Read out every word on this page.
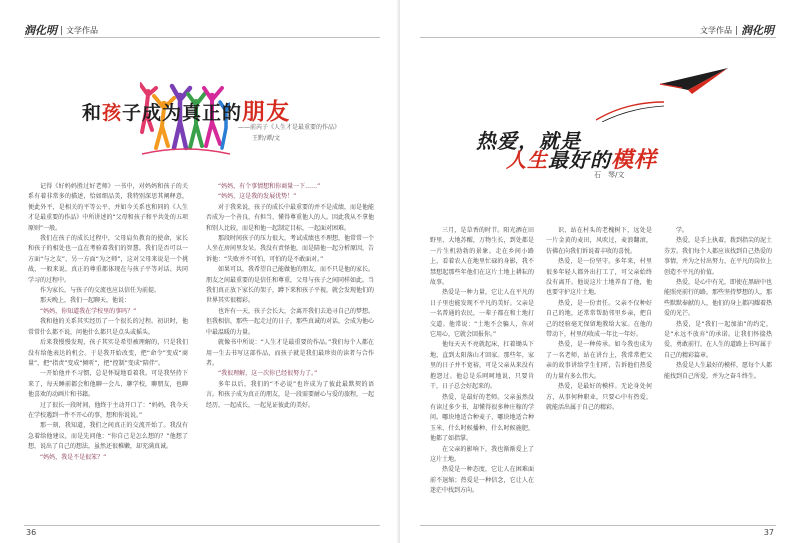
润化明 文学作品
和孩子成为真正的朋友
——前芮子《人生才是最重要的作品》
王黔/谭/文

记得《好妈妈胜过好老师》一书中，对妈妈和孩子的关系有着非常多的描述，恰如细品美，我特别深思其阐释意，便此外平，是相关的平等公平，并如今关系也和同的《人生才是最重要的作品》中所讲述的“父母和孩子和平共处的五项原则”一般。

我们在孩子的成长过程中，父母肩负教育的使命，家长和孩子的相处也一直在考验着我们的智慧。我们是否可以一方面“与之友”，另一方面“为之师”，这对父母来说是一个挑战，一般来说，真正的尊重都体现在与孩子平等对话、共同学习的过程中。

作为家长，与孩子的交流也应以信任为前提。

那天晚上，我们一起聊天，他说：

“妈妈，你知道我在学校里的事吗？”

我和他的关系其实经历了一个很长的过程。初识时，他常常什么都不说，问他什么都只是点头或摇头。

后来我慢慢发现，孩子其实是希望被理解的，只是我们没有给他表达的机会。于是我开始改变，把“命令”变成“商量”，把“指责”变成“倾听”，把“控制”变成“陪伴”。

一开始他并不习惯，总是怀疑地看着我。可是我坚持下来了，每天睡前都会和他聊一会儿，聊学校，聊朋友，也聊他喜欢的动画片和书籍。

过了很长一段时间，他终于主动开口了：“妈妈，我今天在学校遇到一件不开心的事，想和你说说。”

那一刻，我知道，我们之间真正的交流开始了。我没有急着给他建议，而是先问他：“你自己是怎么想的？”他想了想，说出了自己的想法，虽然还很稚嫩，却充满真诚。

“妈妈，我是不是很笨？”

“妈妈，有个事情想和你商量一下……”

“妈妈，这是我的发展优势！”

对于我来说，孩子的成长中最重要的并不是成绩，而是他能否成为一个善良、有担当、懂得尊重他人的人。因此我从不拿他和别人比较，而是和他一起制定目标，一起面对困难。

那段时间孩子的压力很大，考试成绩也不理想，他常常一个人坐在房间里发呆。我没有责怪他，而是陪他一起分析原因，告诉他：“失败并不可怕，可怕的是不敢面对。”

如果可以，我希望自己能做他的朋友，而不只是他的家长。朋友之间最重要的是信任和尊重，父母与孩子之间同样如此。当我们真正放下家长的架子，蹲下来和孩子平视，就会发现他们的世界其实很精彩。

也许有一天，孩子会长大，会离开我们去追寻自己的梦想。但我相信，那些一起走过的日子，那些真诚的对话，会成为他心中最温暖的力量。

就像书中所说：“人生才是最重要的作品。”我们每个人都在用一生去书写这部作品，而孩子就是我们最珍贵的读者与合作者。

“我很理解，这一次你已经很努力了。”

多年以后，我们的“不必说”也许成为了彼此最默契的语言。和孩子成为真正的朋友，是一段需要耐心与爱的旅程，一起经历，一起成长，一起见证彼此的美好。

36
文学作品 润化明
热爱，就是
人生最好的模样
石　琴/文

三月，是草香的时节。阳光洒在田野里，大地苏醒，万物生长，到处都是一片生机勃勃的景象。走在乡间小路上，看着农人在地里忙碌的身影，我不禁想起那些年他们在这片土地上耕耘的故事。

热爱是一种力量，它让人在平凡的日子里也能发现不平凡的美好。父亲是一名普通的农民，一辈子都在和土地打交道。他常说：“土地不会骗人，你对它用心，它就会回报你。”

他每天天不亮就起床，扛着锄头下地，直到太阳落山才回家。那些年，家里的日子并不宽裕，可是父亲从来没有抱怨过。他总是乐呵呵地说，只要肯干，日子总会好起来的。

热爱，是最好的老师。父亲虽然没有读过多少书，却懂得很多种庄稼的学问。哪块地适合种麦子，哪块地适合种玉米，什么时候播种，什么时候施肥，他都了如指掌。

在父亲的影响下，我也渐渐爱上了这片土地。

热爱是一种态度，它让人在困难面前不退缩；热爱是一种信念，它让人在迷茫中找到方向。

识，站在村头的老槐树下，远处是一片金黄的麦田，风吹过，麦浪翻滚，仿佛在向我们诉说着丰收的喜悦。

热爱，是一份坚守。多年来，村里很多年轻人都外出打工了，可父亲始终没有离开。他说这片土地养育了他，他也要守护这片土地。

热爱，是一份责任。父亲不仅种好自己的地，还常常帮助邻里乡亲，把自己的经验毫无保留地教给大家。在他的带动下，村里的收成一年比一年好。

热爱，是一种传承。如今我也成为了一名老师，站在讲台上，我常常把父亲的故事讲给学生们听，告诉他们热爱的力量有多么伟大。

热爱，是最好的模样。无论身处何方，从事何种职业，只要心中有热爱，就能活出属于自己的精彩。

学。

热爱，是手上执着，拨到指尖的泥土芬芳。我们每个人都应该找到自己热爱的事情，并为之付出努力，在平凡的岗位上创造不平凡的价值。

热爱，是心中有光，即使在黑暗中也能照亮前行的路。那些坚持梦想的人，那些默默奉献的人，他们的身上都闪耀着热爱的光芒。

热爱，是“我们一起加油”的约定，是“永远不放弃”的承诺。让我们怀揣热爱，勇敢前行，在人生的道路上书写属于自己的精彩篇章。

热爱是人生最好的模样，愿每个人都能找到自己所爱，并为之奋斗终生。

37
